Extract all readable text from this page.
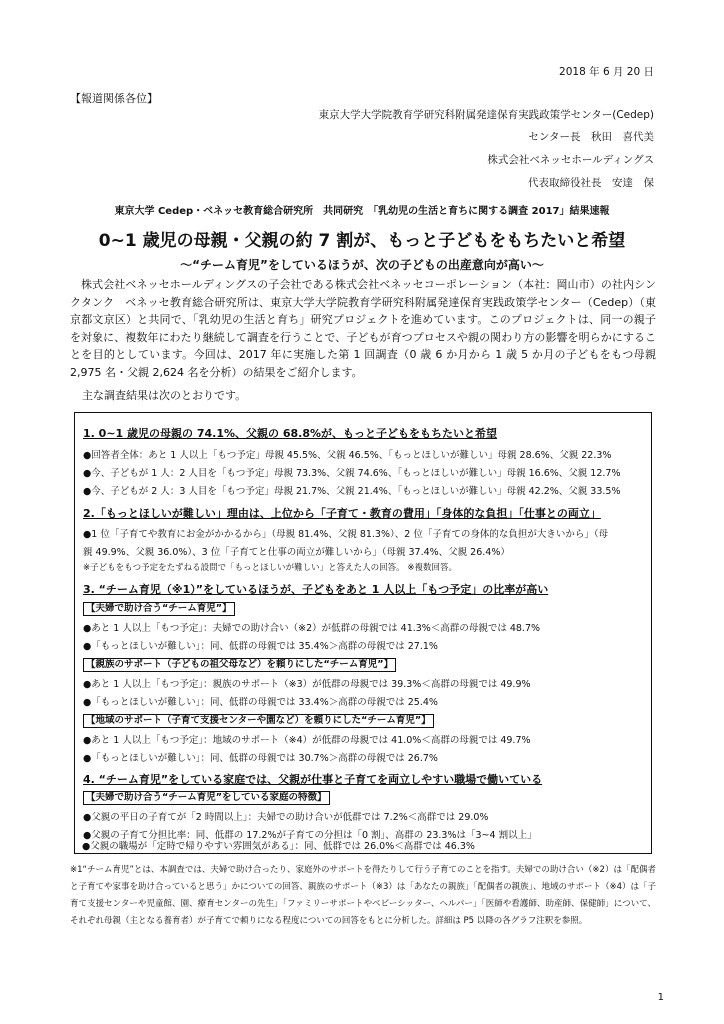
2018 年 6 月 20 日
【報道関係各位】
東京大学大学院教育学研究科附属発達保育実践政策学センター(Cedep)
センター長　秋田　喜代美
株式会社ベネッセホールディングス
代表取締役社長　安達　保
東京大学 Cedep・ベネッセ教育総合研究所　共同研究　「乳幼児の生活と育ちに関する調査 2017」結果速報
0~1 歳児の母親・父親の約 7 割が、もっと子どもをもちたいと希望
～“チーム育児”をしているほうが、次の子どもの出産意向が高い～
株式会社ベネッセホールディングスの子会社である株式会社ベネッセコーポレーション（本社：岡山市）の社内シンクタンク　ベネッセ教育総合研究所は、東京大学大学院教育学研究科附属発達保育実践政策学センター（Cedep）（東京都文京区）と共同で、「乳幼児の生活と育ち」研究プロジェクトを進めています。このプロジェクトは、同一の親子を対象に、複数年にわたり継続して調査を行うことで、子どもが育つプロセスや親の関わり方の影響を明らかにすることを目的としています。今回は、2017 年に実施した第 1 回調査（0 歳 6 か月から 1 歳 5 か月の子どもをもつ母親 2,975 名・父親 2,624 名を分析）の結果をご紹介します。
主な調査結果は次のとおりです。
1. 0~1 歳児の母親の 74.1%、父親の 68.8%が、もっと子どもをもちたいと希望
●回答者全体：あと 1 人以上「もつ予定」母親 45.5%、父親 46.5%、「もっとほしいが難しい」母親 28.6%、父親 22.3%
●今、子どもが 1 人：2 人目を「もつ予定」母親 73.3%、父親 74.6%、「もっとほしいが難しい」母親 16.6%、父親 12.7%
●今、子どもが 2 人：3 人目を「もつ予定」母親 21.7%、父親 21.4%、「もっとほしいが難しい」母親 42.2%、父親 33.5%
2.「もっとほしいが難しい」理由は、上位から「子育て・教育の費用」「身体的な負担」「仕事との両立」
●1 位「子育てや教育にお金がかかるから」（母親 81.4%、父親 81.3%）、2 位「子育ての身体的な負担が大きいから」（母
親 49.9%、父親 36.0%）、3 位「子育てと仕事の両立が難しいから」（母親 37.4%、父親 26.4%）
※子どもをもつ予定をたずねる設問で「もっとほしいが難しい」と答えた人の回答。 ※複数回答。
3. “チーム育児（※1）”をしているほうが、子どもをあと 1 人以上「もつ予定」の比率が高い
【夫婦で助け合う“チーム育児”】
●あと 1 人以上「もつ予定」：夫婦での助け合い（※2）が低群の母親では 41.3%＜高群の母親では 48.7%
●「もっとほしいが難しい」：同、低群の母親では 35.4%＞高群の母親では 27.1%
【親族のサポート（子どもの祖父母など）を頼りにした“チーム育児”】
●あと 1 人以上「もつ予定」：親族のサポート（※3）が低群の母親では 39.3%＜高群の母親では 49.9%
●「もっとほしいが難しい」：同、低群の母親では 33.4%＞高群の母親では 25.4%
【地域のサポート（子育て支援センターや園など）を頼りにした“チーム育児”】
●あと 1 人以上「もつ予定」：地域のサポート（※4）が低群の母親では 41.0%＜高群の母親では 49.7%
●「もっとほしいが難しい」：同、低群の母親では 30.7%＞高群の母親では 26.7%
4. “チーム育児”をしている家庭では、父親が仕事と子育てを両立しやすい職場で働いている
【夫婦で助け合う“チーム育児”をしている家庭の特徴】
●父親の平日の子育てが「2 時間以上」：夫婦での助け合いが低群では 7.2%＜高群では 29.0%
●父親の子育て分担比率：同、低群の 17.2%が子育ての分担は「0 割」、高群の 23.3%は「3~4 割以上」
●父親の職場が「定時で帰りやすい雰囲気がある」：同、低群では 26.0%＜高群では 46.3%
※1“チーム育児”とは、本調査では、夫婦で助け合ったり、家庭外のサポートを得たりして行う子育てのことを指す。夫婦での助け合い（※2）は「配偶者と子育てや家事を助け合っていると思う」かについての回答、親族のサポート（※3）は「あなたの親族」「配偶者の親族」、地域のサポート（※4）は「子育て支援センターや児童館、園、療育センターの先生」「ファミリーサポートやベビーシッター、ヘルパー」「医師や看護師、助産師、保健師」について、それぞれ母親（主となる養育者）が子育てで頼りになる程度についての回答をもとに分析した。詳細は P5 以降の各グラフ注釈を参照。
1
